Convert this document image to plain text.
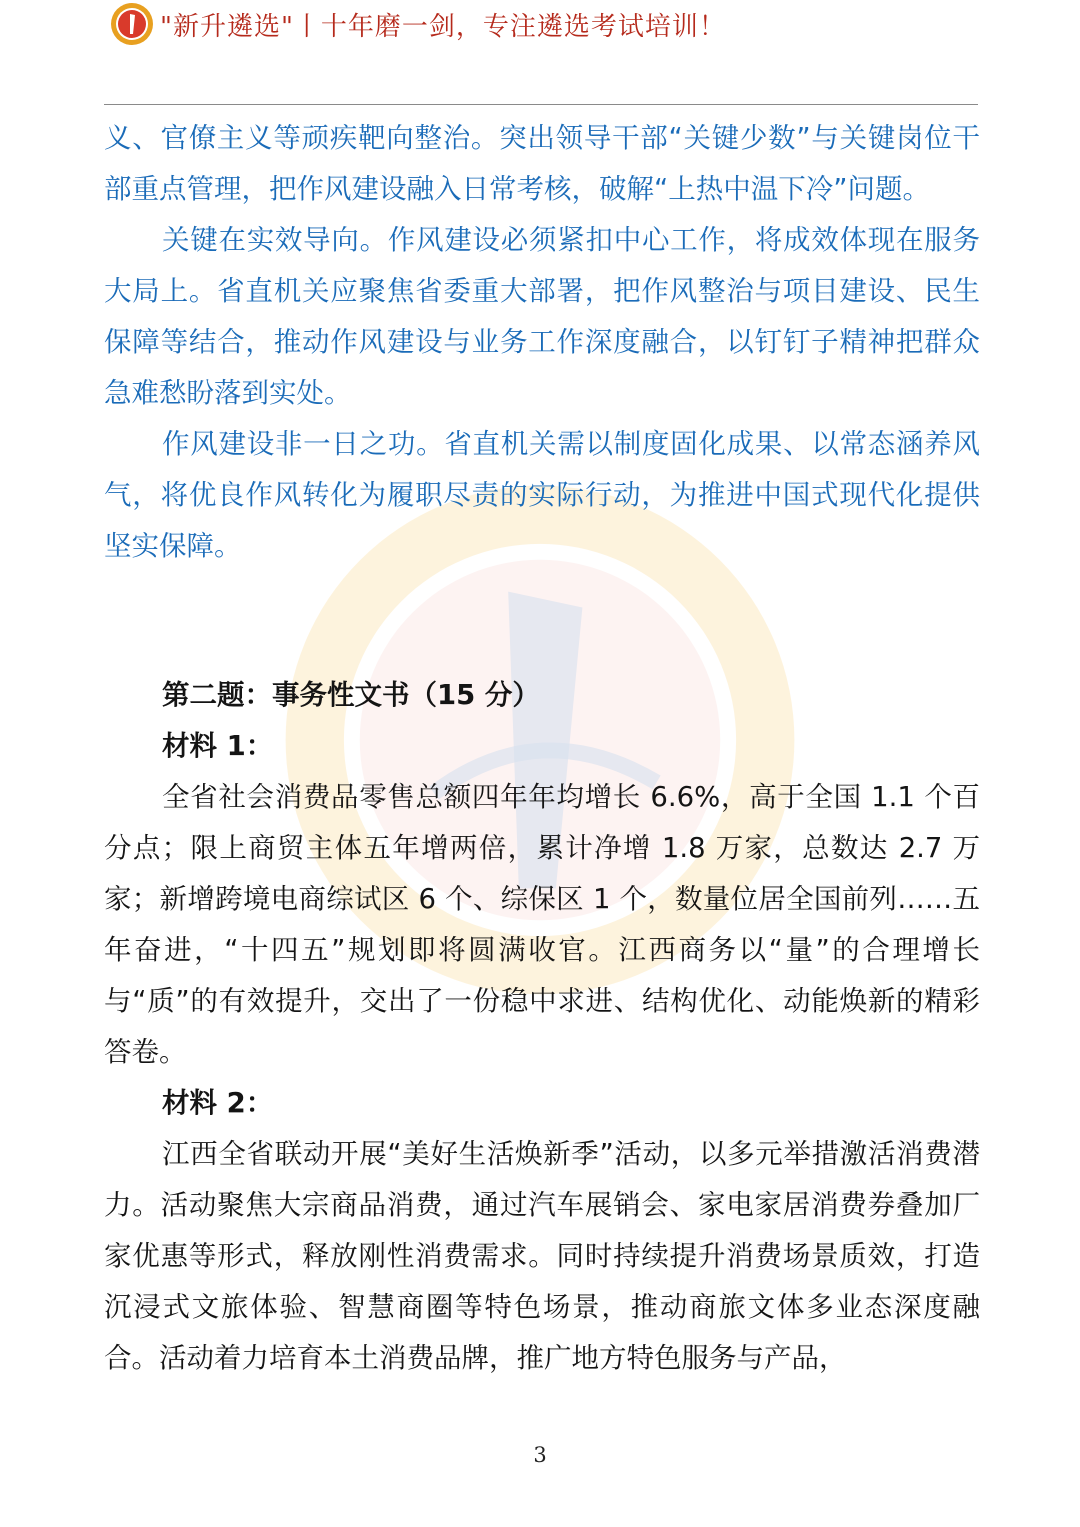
"新升遴选"丨十年磨一剑，专注遴选考试培训！

义、官僚主义等顽疾靶向整治。突出领导干部“关键少数”与关键岗位干部重点管理，把作风建设融入日常考核，破解“上热中温下冷”问题。

关键在实效导向。作风建设必须紧扣中心工作，将成效体现在服务大局上。省直机关应聚焦省委重大部署，把作风整治与项目建设、民生保障等结合，推动作风建设与业务工作深度融合，以钉钉子精神把群众急难愁盼落到实处。

作风建设非一日之功。省直机关需以制度固化成果、以常态涵养风气，将优良作风转化为履职尽责的实际行动，为推进中国式现代化提供坚实保障。

第二题：事务性文书（15 分）
材料 1：

全省社会消费品零售总额四年年均增长 6.6%，高于全国 1.1 个百分点；限上商贸主体五年增两倍，累计净增 1.8 万家，总数达 2.7 万家；新增跨境电商综试区 6 个、综保区 1 个，数量位居全国前列……五年奋进，“十四五”规划即将圆满收官。江西商务以“量”的合理增长与“质”的有效提升，交出了一份稳中求进、结构优化、动能焕新的精彩答卷。

材料 2：

江西全省联动开展“美好生活焕新季”活动，以多元举措激活消费潜力。活动聚焦大宗商品消费，通过汽车展销会、家电家居消费券叠加厂家优惠等形式，释放刚性消费需求。同时持续提升消费场景质效，打造沉浸式文旅体验、智慧商圈等特色场景，推动商旅文体多业态深度融合。活动着力培育本土消费品牌，推广地方特色服务与产品，

3
